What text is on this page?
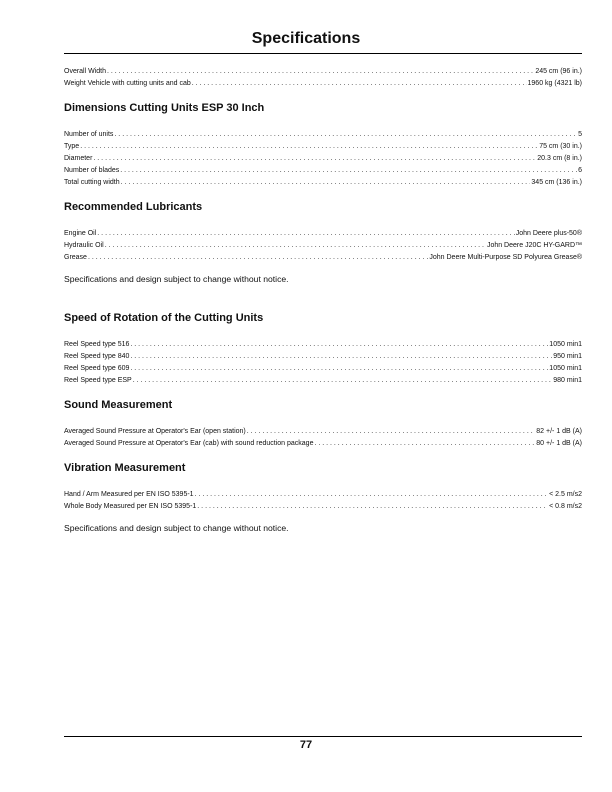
Specifications
Overall Width . . .	245 cm (96 in.)
Weight Vehicle with cutting units and cab . . .	1960 kg (4321 lb)
Dimensions Cutting Units ESP 30 Inch
Number of units . . .	5
Type . . .	75 cm (30 in.)
Diameter . . .	20.3 cm (8 in.)
Number of blades . . .	6
Total cutting width . . .	345 cm (136 in.)
Recommended Lubricants
Engine Oil . . .	John Deere plus-50®
Hydraulic Oil . . .	John Deere J20C HY-GARD™
Grease . . .	John Deere Multi-Purpose SD Polyurea Grease®

Specifications and design subject to change without notice.

Speed of Rotation of the Cutting Units
Reel Speed type 516 . . .	1050 min1
Reel Speed type 840 . . .	950 min1
Reel Speed type 609 . . .	1050 min1
Reel Speed type ESP . . .	980 min1
Sound Measurement
Averaged Sound Pressure at Operator's Ear (open station) . . .	82 +/- 1 dB (A)
Averaged Sound Pressure at Operator's Ear (cab) with sound reduction package . . .	80 +/- 1 dB (A)
Vibration Measurement
Hand / Arm Measured per EN ISO 5395-1 . . .	< 2.5 m/s2
Whole Body Measured per EN ISO 5395-1 . . .	< 0.8 m/s2

Specifications and design subject to change without notice.

77
